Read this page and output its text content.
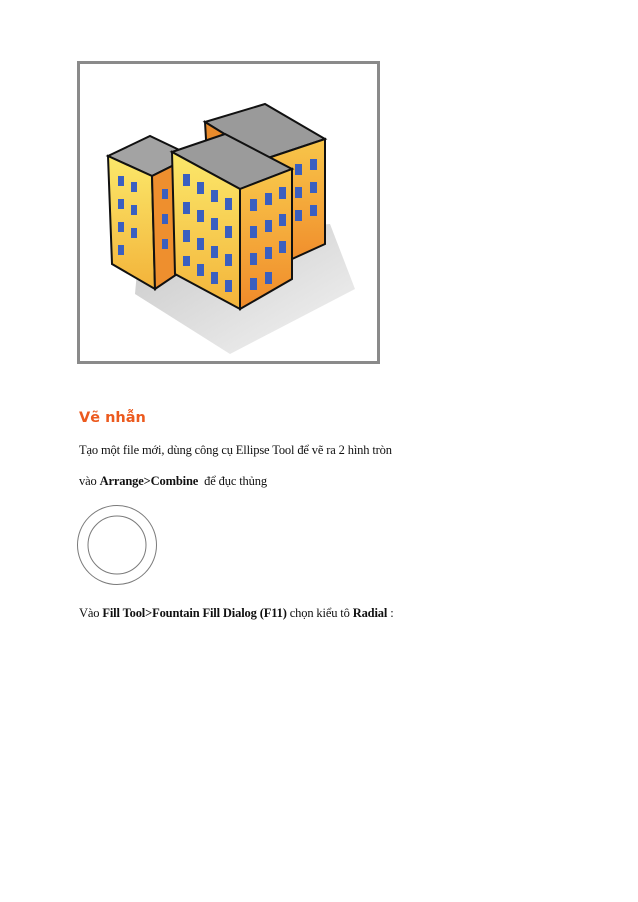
Vẽ nhẫn

Tạo một file mới, dùng công cụ Ellipse Tool để vẽ ra 2 hình tròn

vào Arrange>Combine  để đục thủng

Vào Fill Tool>Fountain Fill Dialog (F11) chọn kiểu tô Radial :
